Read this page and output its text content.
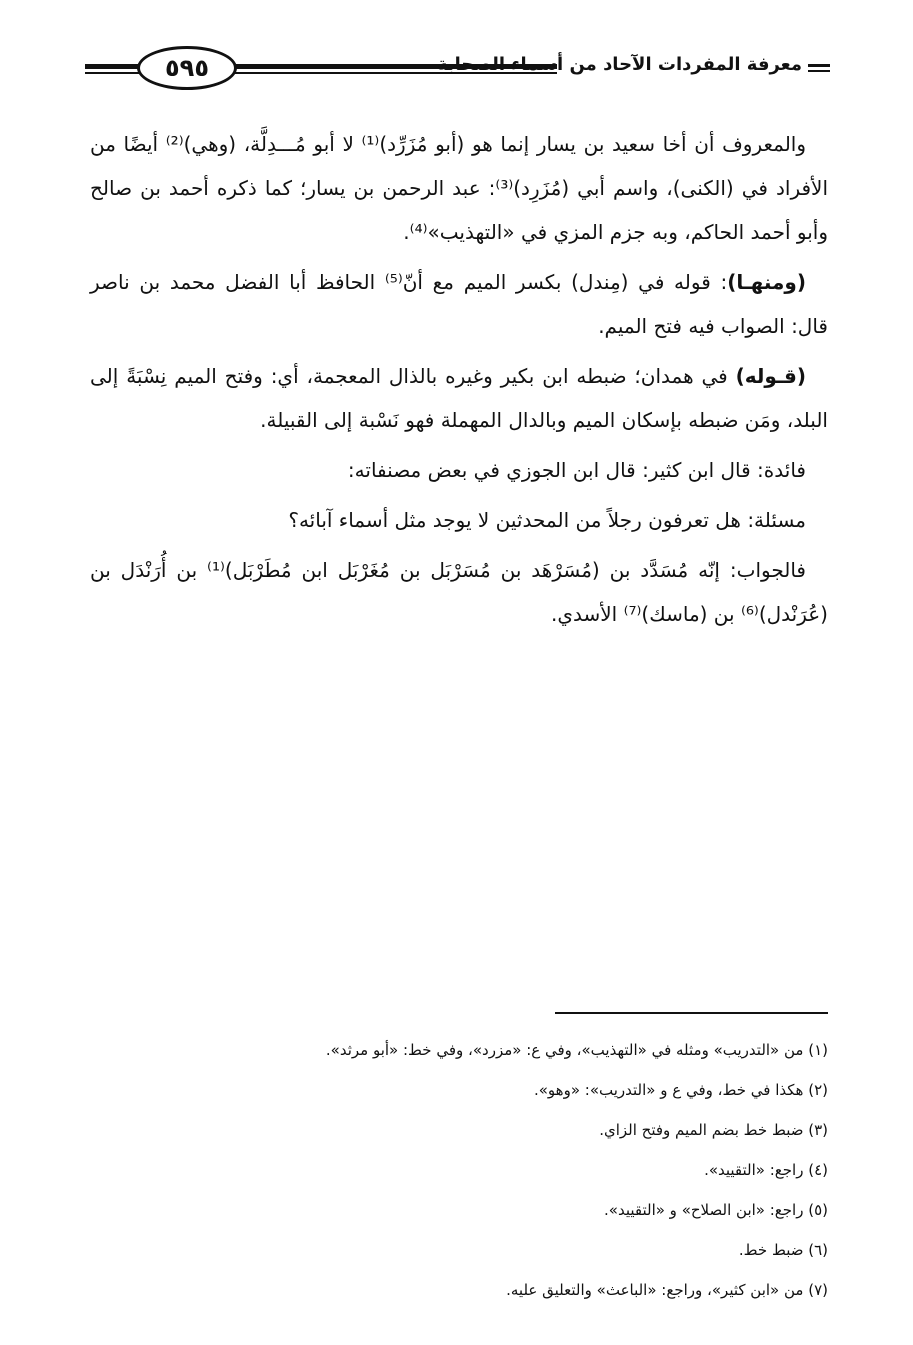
٥٩٥	معرفة المفردات الآحاد من أسماء الصحابة

والمعروف أن أخا سعيد بن يسار إنما هو (أبو مُزَرِّد)⁽¹⁾ لا أبو مُـــدِلَّة، (وهي)⁽²⁾ أيضًا من الأفراد في (الكنى)، واسم أبي (مُزَرِد)⁽³⁾: عبد الرحمن بن يسار؛ كما ذكره أحمد بن صالح وأبو أحمد الحاكم، وبه جزم المزي في «التهذيب»⁽⁴⁾.

(ومنهـا): قوله في (مِندل) بكسر الميم مع أنّ⁽⁵⁾ الحافظ أبا الفضل محمد بن ناصر قال: الصواب فيه فتح الميم.

(قـوله) في همدان؛ ضبطه ابن بكير وغيره بالذال المعجمة، أي: وفتح الميم نِسْبَةً إلى البلد، ومَن ضبطه بإسكان الميم وبالدال المهملة فهو نَسْبة إلى القبيلة.

فائدة: قال ابن كثير: قال ابن الجوزي في بعض مصنفاته:

مسئلة: هل تعرفون رجلاً من المحدثين لا يوجد مثل أسماء آبائه؟

فالجواب: إنّه مُسَدَّد بن (مُسَرْهَد بن مُسَرْبَل بن مُغَرْبَل ابن مُطَرْبَل)⁽¹⁾ بن أُرَنْدَل بن (عُرَنْدل)⁽⁶⁾ بن (ماسك)⁽⁷⁾ الأسدي.

(١) من «التدريب» ومثله في «التهذيب»، وفي ع: «مزرد»، وفي خط: «أبو مرثد».
(٢) هكذا في خط، وفي ع و «التدريب»: «وهو».
(٣) ضبط خط بضم الميم وفتح الزاي.
(٤) راجع: «التقييد».
(٥) راجع: «ابن الصلاح» و «التقييد».
(٦) ضبط خط.
(٧) من «ابن كثير»، وراجع: «الباعث» والتعليق عليه.
